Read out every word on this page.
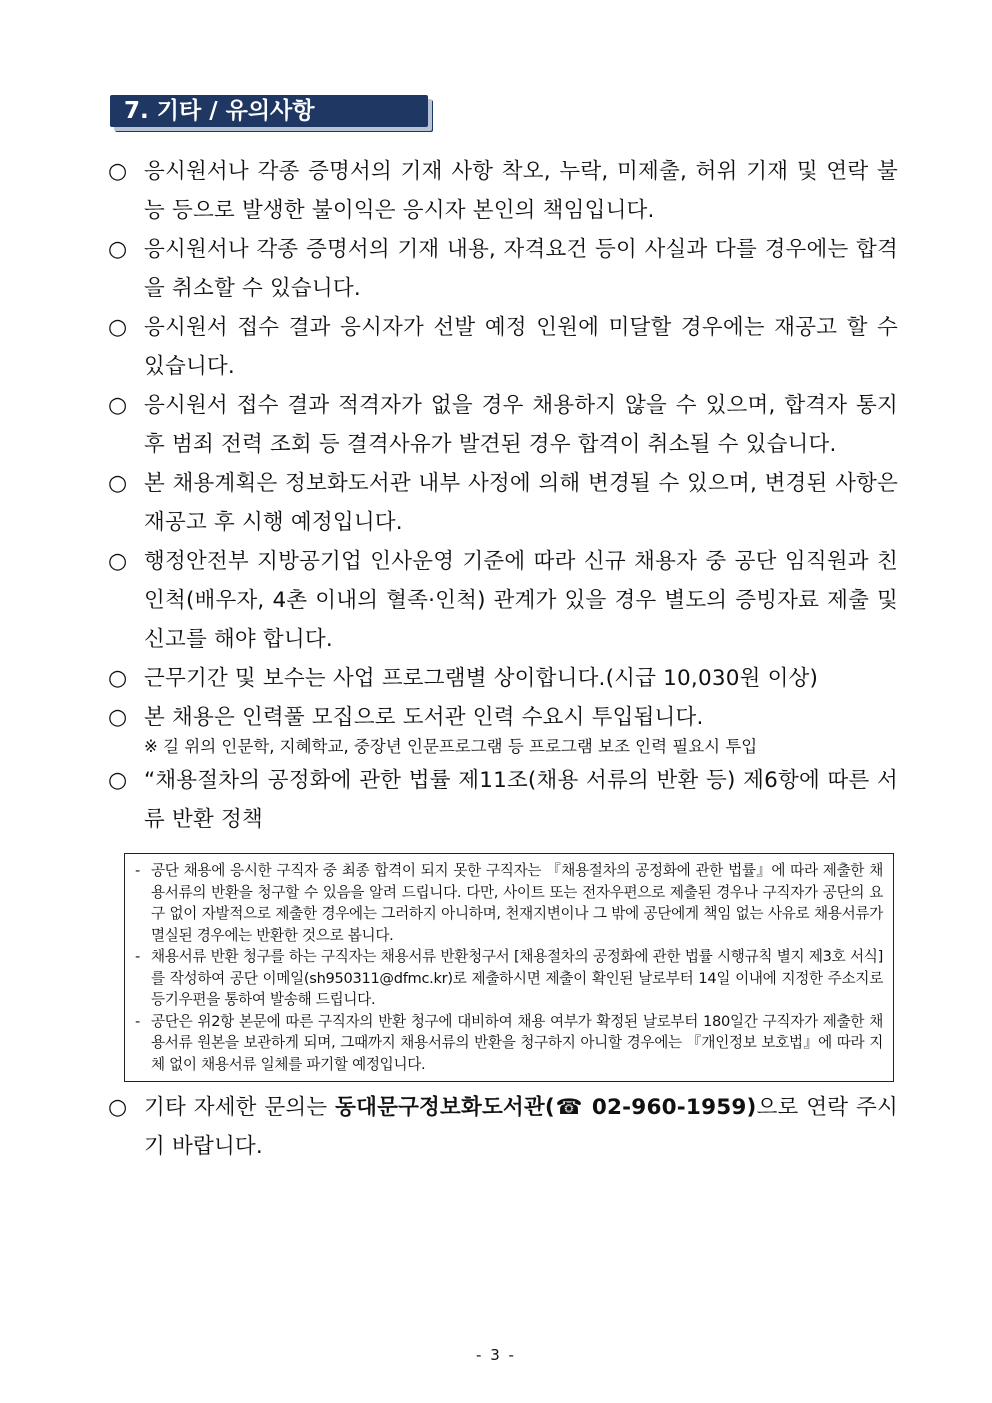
7. 기타 / 유의사항
○ 응시원서나 각종 증명서의 기재 사항 착오, 누락, 미제출, 허위 기재 및 연락 불능 등으로 발생한 불이익은 응시자 본인의 책임입니다.
○ 응시원서나 각종 증명서의 기재 내용, 자격요건 등이 사실과 다를 경우에는 합격을 취소할 수 있습니다.
○ 응시원서 접수 결과 응시자가 선발 예정 인원에 미달할 경우에는 재공고 할 수 있습니다.
○ 응시원서 접수 결과 적격자가 없을 경우 채용하지 않을 수 있으며, 합격자 통지 후 범죄 전력 조회 등 결격사유가 발견된 경우 합격이 취소될 수 있습니다.
○ 본 채용계획은 정보화도서관 내부 사정에 의해 변경될 수 있으며, 변경된 사항은 재공고 후 시행 예정입니다.
○ 행정안전부 지방공기업 인사운영 기준에 따라 신규 채용자 중 공단 임직원과 친인척(배우자, 4촌 이내의 혈족·인척) 관계가 있을 경우 별도의 증빙자료 제출 및 신고를 해야 합니다.
○ 근무기간 및 보수는 사업 프로그램별 상이합니다.(시급 10,030원 이상)
○ 본 채용은 인력풀 모집으로 도서관 인력 수요시 투입됩니다.
※ 길 위의 인문학, 지혜학교, 중장년 인문프로그램 등 프로그램 보조 인력 필요시 투입
○ “채용절차의 공정화에 관한 법률 제11조(채용 서류의 반환 등) 제6항에 따른 서류 반환 정책
- 공단 채용에 응시한 구직자 중 최종 합격이 되지 못한 구직자는 『채용절차의 공정화에 관한 법률』에 따라 제출한 채용서류의 반환을 청구할 수 있음을 알려 드립니다. 다만, 사이트 또는 전자우편으로 제출된 경우나 구직자가 공단의 요구 없이 자발적으로 제출한 경우에는 그러하지 아니하며, 천재지변이나 그 밖에 공단에게 책임 없는 사유로 채용서류가 멸실된 경우에는 반환한 것으로 봅니다.
- 채용서류 반환 청구를 하는 구직자는 채용서류 반환청구서 [채용절차의 공정화에 관한 법률 시행규칙 별지 제3호 서식]를 작성하여 공단 이메일(sh950311@dfmc.kr)로 제출하시면 제출이 확인된 날로부터 14일 이내에 지정한 주소지로 등기우편을 통하여 발송해 드립니다.
- 공단은 위2항 본문에 따른 구직자의 반환 청구에 대비하여 채용 여부가 확정된 날로부터 180일간 구직자가 제출한 채용서류 원본을 보관하게 되며, 그때까지 채용서류의 반환을 청구하지 아니할 경우에는 『개인정보 보호법』에 따라 지체 없이 채용서류 일체를 파기할 예정입니다.
○ 기타 자세한 문의는 동대문구정보화도서관(☎ 02-960-1959)으로 연락 주시기 바랍니다.
- 3 -
